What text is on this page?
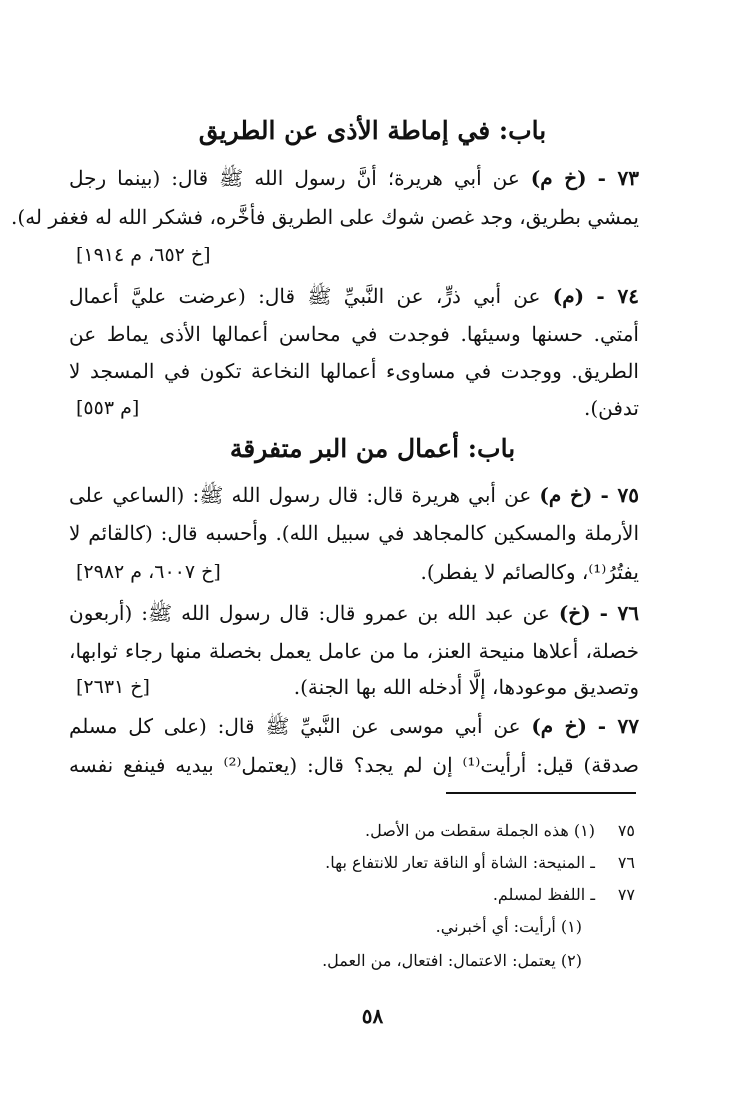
باب: في إماطة الأذى عن الطريق
٧٣ - (خ م) عن أبي هريرة؛ أنَّ رسول الله ﷺ قال: (بينما رجل
يمشي بطريق، وجد غصن شوك على الطريق فأخَّره، فشكر الله له فغفر له).
[خ ٦٥٢، م ١٩١٤]
٧٤ - (م) عن أبي ذرٍّ، عن النَّبيِّ ﷺ قال: (عرضت عليَّ أعمال
أمتي. حسنها وسيئها. فوجدت في محاسن أعمالها الأذى يماط عن
الطريق. ووجدت في مساوىء أعمالها النخاعة تكون في المسجد لا
تدفن).
[م ٥٥٣]
باب: أعمال من البر متفرقة
٧٥ - (خ م) عن أبي هريرة قال: قال رسول الله ﷺ: (الساعي على
الأرملة والمسكين كالمجاهد في سبيل الله). وأحسبه قال: (كالقائم لا
يفتُرُ⁽¹⁾، وكالصائم لا يفطر).
[خ ٦٠٠٧، م ٢٩٨٢]
٧٦ - (خ) عن عبد الله بن عمرو قال: قال رسول الله ﷺ: (أربعون
خصلة، أعلاها منيحة العنز، ما من عامل يعمل بخصلة منها رجاء ثوابها،
وتصديق موعودها، إلَّا أدخله الله بها الجنة).
[خ ٢٦٣١]
٧٧ - (خ م) عن أبي موسى عن النَّبيِّ ﷺ قال: (على كل مسلم
صدقة) قيل: أرأيت⁽¹⁾ إن لم يجد؟ قال: (يعتمل⁽²⁾ بيديه فينفع نفسه
٧٥
(١) هذه الجملة سقطت من الأصل.
٧٦
ـ المنيحة: الشاة أو الناقة تعار للانتفاع بها.
٧٧
ـ اللفظ لمسلم.
(١) أرأيت: أي أخبرني.
(٢) يعتمل: الاعتمال: افتعال، من العمل.
٥٨
